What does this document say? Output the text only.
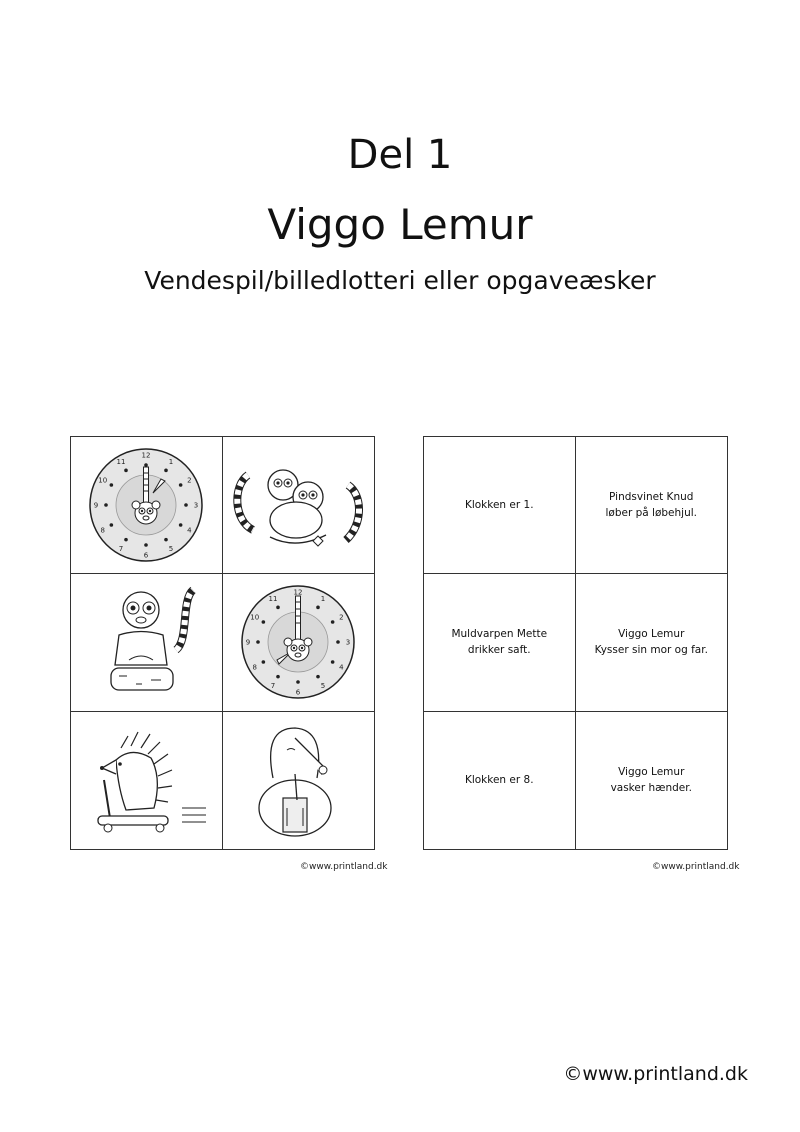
Del 1
Viggo Lemur
Vendespil/billedlotteri eller opgaveæsker
12
1
2
3
4
5
6
7
8
9
10
11
12
1
2
3
4
5
6
7
8
9
10
11
Klokken er 1.
Pindsvinet Knud
løber på løbehjul.
Muldvarpen Mette
drikker saft.
Viggo Lemur
Kysser sin mor og far.
Klokken er 8.
Viggo Lemur
vasker hænder.
©www.printland.dk	©www.printland.dk
©www.printland.dk
